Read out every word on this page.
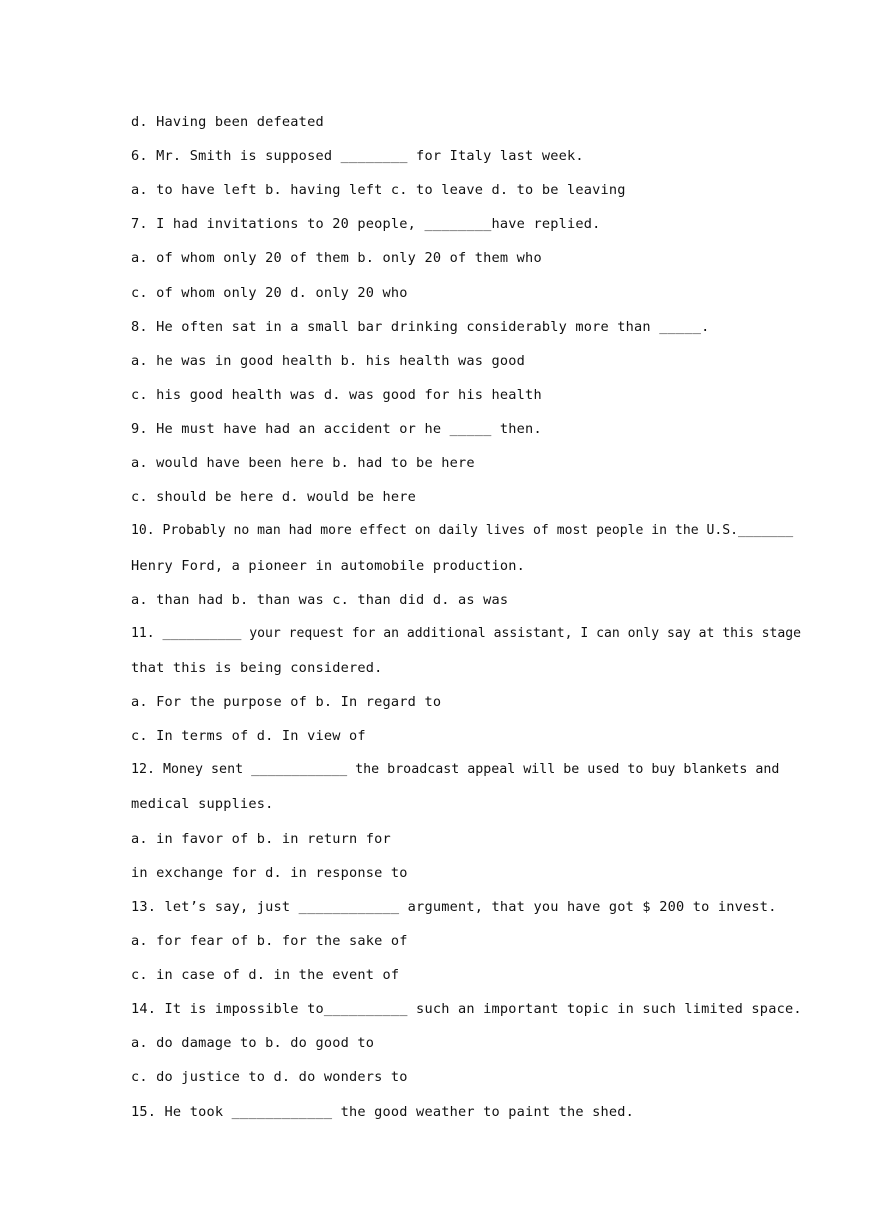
d. Having been defeated

6. Mr. Smith is supposed ________ for Italy last week.

a. to have left b. having left c. to leave d. to be leaving

7. I had invitations to 20 people, ________have replied.

a. of whom only 20 of them b. only 20 of them who

c. of whom only 20 d. only 20 who

8. He often sat in a small bar drinking considerably more than _____.

a. he was in good health b. his health was good

c. his good health was d. was good for his health

9. He must have had an accident or he _____ then.

a. would have been here b. had to be here

c. should be here d. would be here

10. Probably no man had more effect on daily lives of most people in the U.S._______

Henry Ford, a pioneer in automobile production.

a. than had b. than was c. than did d. as was

11. __________ your request for an additional assistant, I can only say at this stage

that this is being considered.

a. For the purpose of b. In regard to

c. In terms of d. In view of

12. Money sent ____________ the broadcast appeal will be used to buy blankets and

medical supplies.

a. in favor of b. in return for

in exchange for d. in response to

13. let’s say, just ____________ argument, that you have got $ 200 to invest.

a. for fear of b. for the sake of

c. in case of d. in the event of

14. It is impossible to__________ such an important topic in such limited space.

a. do damage to b. do good to

c. do justice to d. do wonders to

15. He took ____________ the good weather to paint the shed.
